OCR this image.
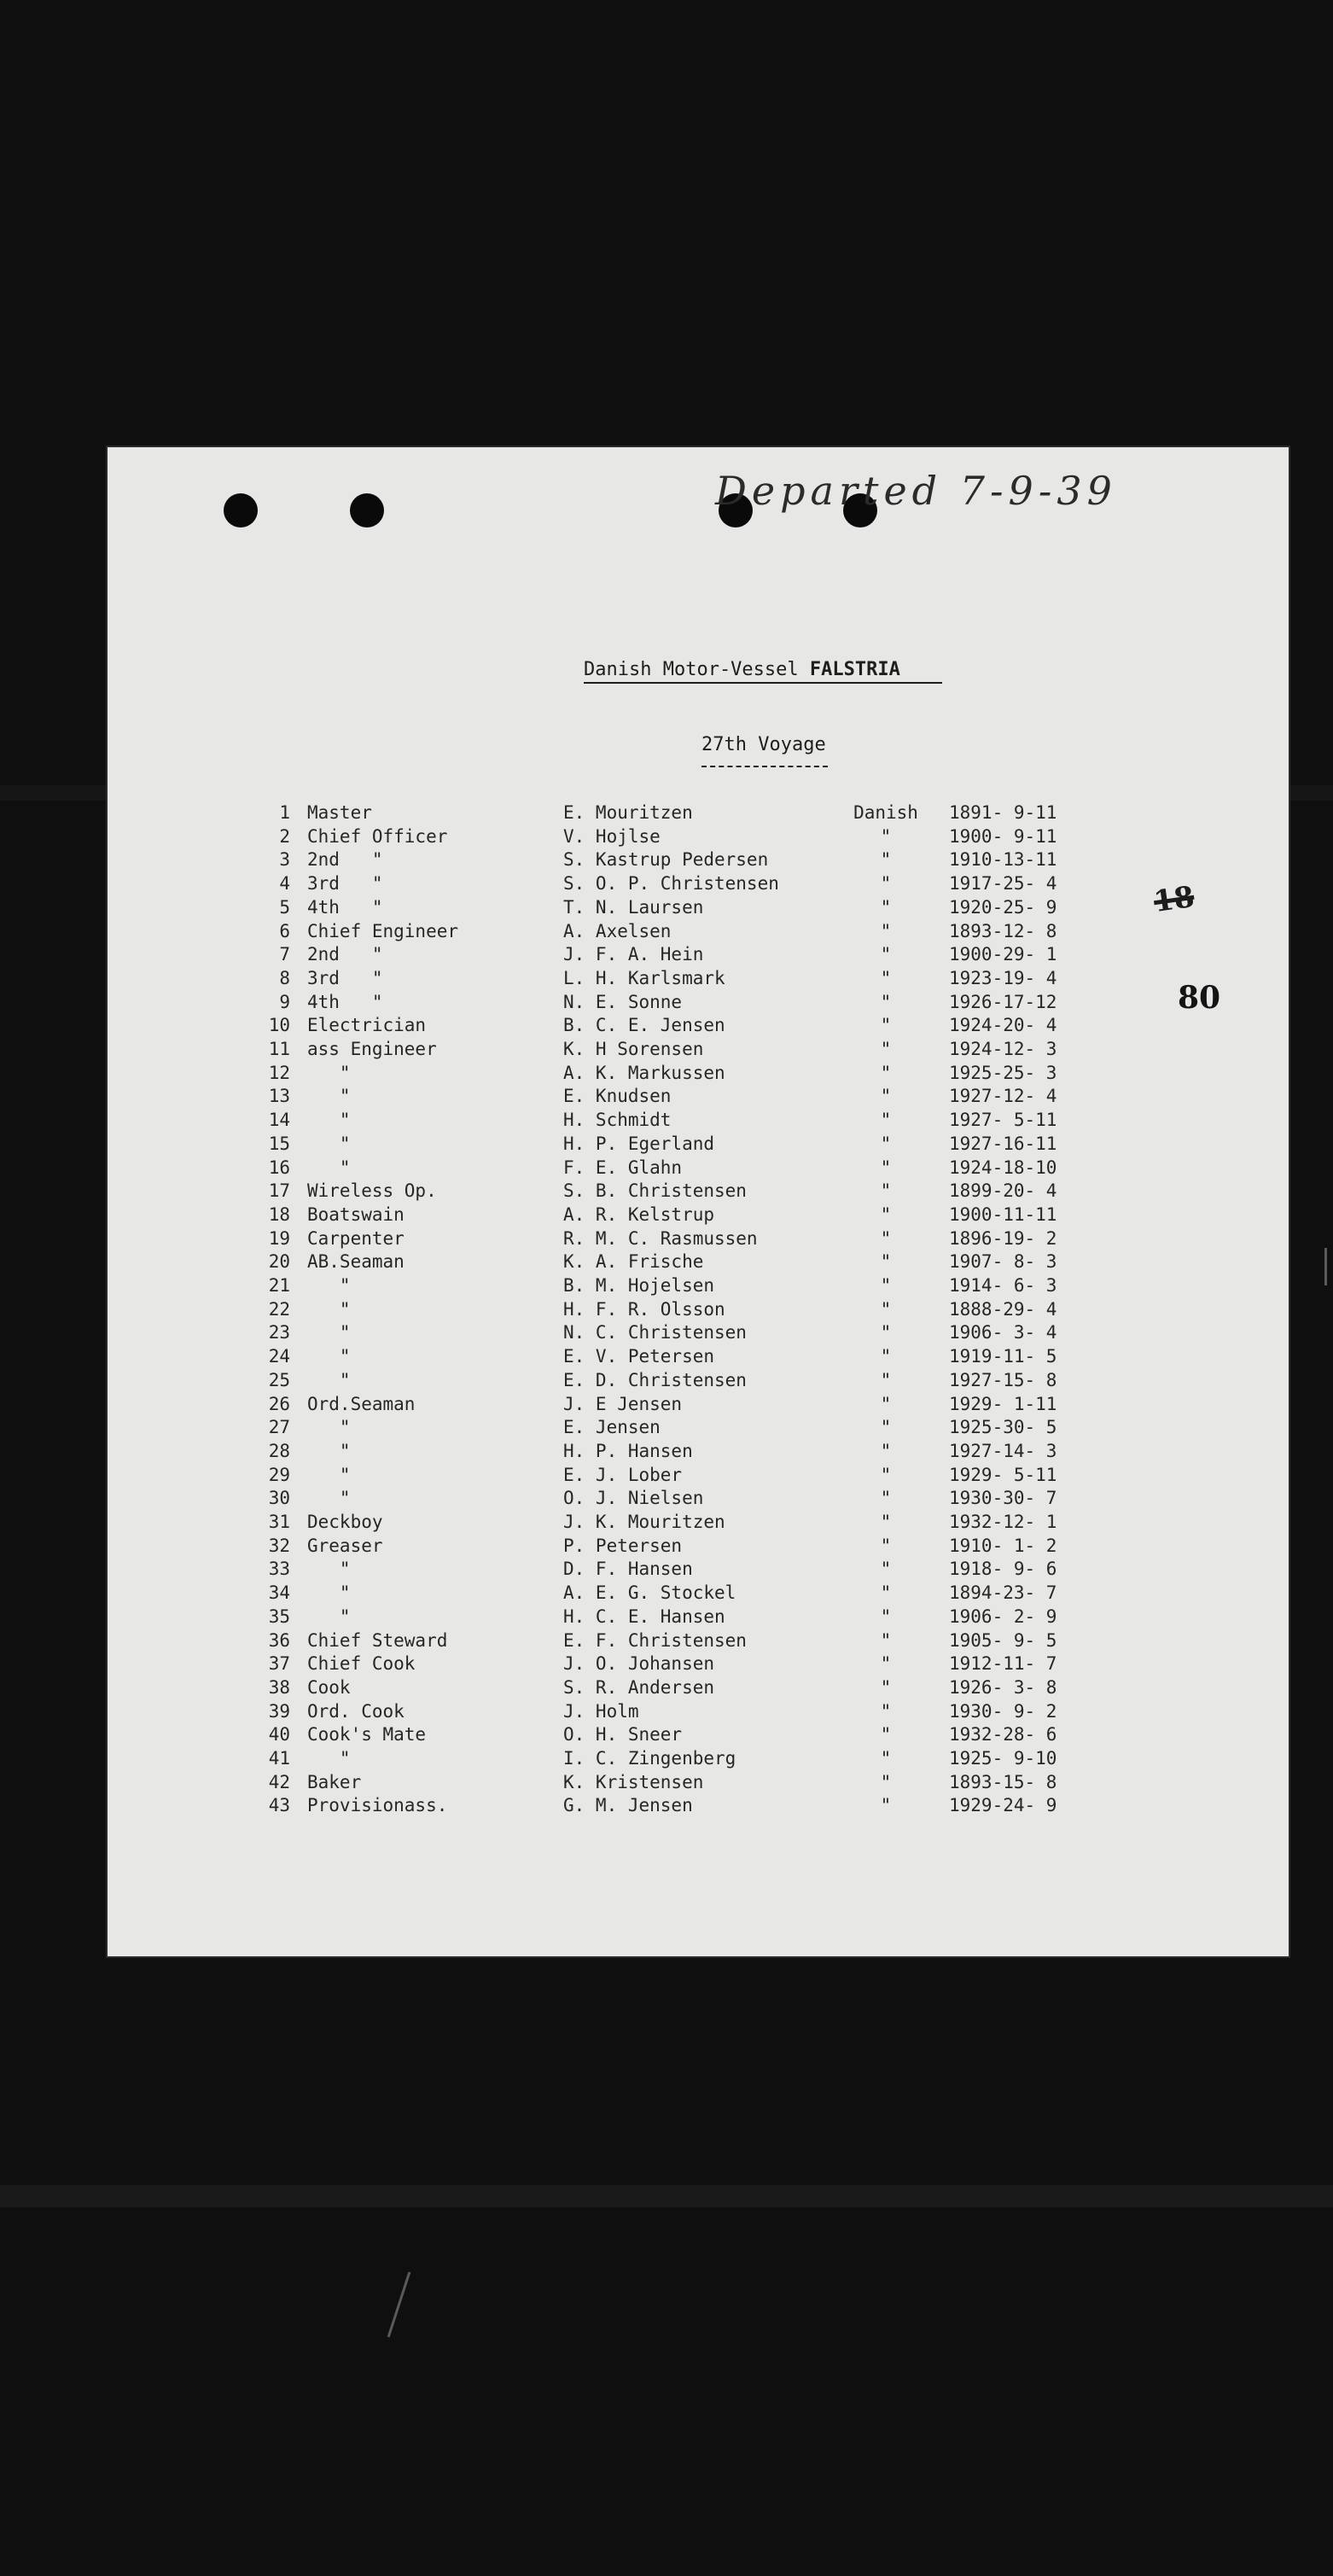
Departed 7-9-39
Danish Motor-Vessel FALSTRIA
27th Voyage
18
80
1 Master	E. Mouritzen	Danish	1891- 9-11
2 Chief Officer	V. Hojlse	"	1900- 9-11
3 2nd   "	S. Kastrup Pedersen	"	1910-13-11
4 3rd   "	S. O. P. Christensen	"	1917-25- 4
5 4th   "	T. N. Laursen	"	1920-25- 9
6 Chief Engineer	A. Axelsen	"	1893-12- 8
7 2nd   "	J. F. A. Hein	"	1900-29- 1
8 3rd   "	L. H. Karlsmark	"	1923-19- 4
9 4th   "	N. E. Sonne	"	1926-17-12
10 Electrician	B. C. E. Jensen	"	1924-20- 4
11 ass Engineer	K. H Sorensen	"	1924-12- 3
12 "	A. K. Markussen	"	1925-25- 3
13 "	E. Knudsen	"	1927-12- 4
14 "	H. Schmidt	"	1927- 5-11
15 "	H. P. Egerland	"	1927-16-11
16 "	F. E. Glahn	"	1924-18-10
17 Wireless Op.	S. B. Christensen	"	1899-20- 4
18 Boatswain	A. R. Kelstrup	"	1900-11-11
19 Carpenter	R. M. C. Rasmussen	"	1896-19- 2
20 AB.Seaman	K. A. Frische	"	1907- 8- 3
21 "	B. M. Hojelsen	"	1914- 6- 3
22 "	H. F. R. Olsson	"	1888-29- 4
23 "	N. C. Christensen	"	1906- 3- 4
24 "	E. V. Petersen	"	1919-11- 5
25 "	E. D. Christensen	"	1927-15- 8
26 Ord.Seaman	J. E Jensen	"	1929- 1-11
27 "	E. Jensen	"	1925-30- 5
28 "	H. P. Hansen	"	1927-14- 3
29 "	E. J. Lober	"	1929- 5-11
30 "	O. J. Nielsen	"	1930-30- 7
31 Deckboy	J. K. Mouritzen	"	1932-12- 1
32 Greaser	P. Petersen	"	1910- 1- 2
33 "	D. F. Hansen	"	1918- 9- 6
34 "	A. E. G. Stockel	"	1894-23- 7
35 "	H. C. E. Hansen	"	1906- 2- 9
36 Chief Steward	E. F. Christensen	"	1905- 9- 5
37 Chief Cook	J. O. Johansen	"	1912-11- 7
38 Cook	S. R. Andersen	"	1926- 3- 8
39 Ord. Cook	J. Holm	"	1930- 9- 2
40 Cook's Mate	O. H. Sneer	"	1932-28- 6
41 "	I. C. Zingenberg	"	1925- 9-10
42 Baker	K. Kristensen	"	1893-15- 8
43 Provisionass.	G. M. Jensen	"	1929-24- 9
